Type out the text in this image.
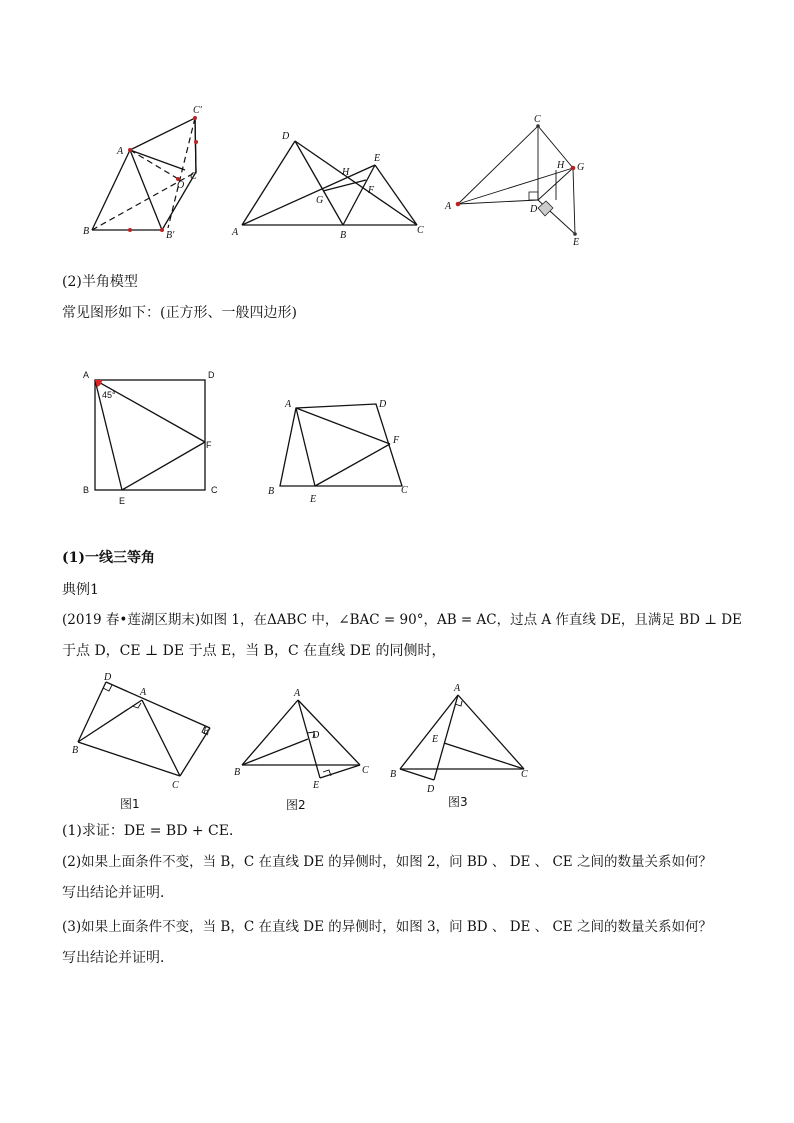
C′
A
O
C
B	B′
D
E
H
F
G
A	B	C
C
H G
A	D
E
(2)半角模型
常见图形如下：(正方形、一般四边形)
45°
A	D
F
B
E
C
A	D
F
B
E
C
(1)一线三等角
典例1
(2019 春•莲湖区期末)如图 1，在ΔABC 中，∠BAC = 90°，AB = AC，过点 A 作直线 DE，且满足 BD ⊥ DE
于点 D，CE ⊥ DE 于点 E，当 B，C 在直线 DE 的同侧时，
D
A
E
B
C
图1
A
D
B
E
C
图2
A
E
B
D
C
图3
(1)求证：DE = BD + CE．
(2)如果上面条件不变，当 B，C 在直线 DE 的异侧时，如图 2，问 BD 、 DE 、 CE 之间的数量关系如何？
写出结论并证明．
(3)如果上面条件不变，当 B，C 在直线 DE 的异侧时，如图 3，问 BD 、 DE 、 CE 之间的数量关系如何？
写出结论并证明．
